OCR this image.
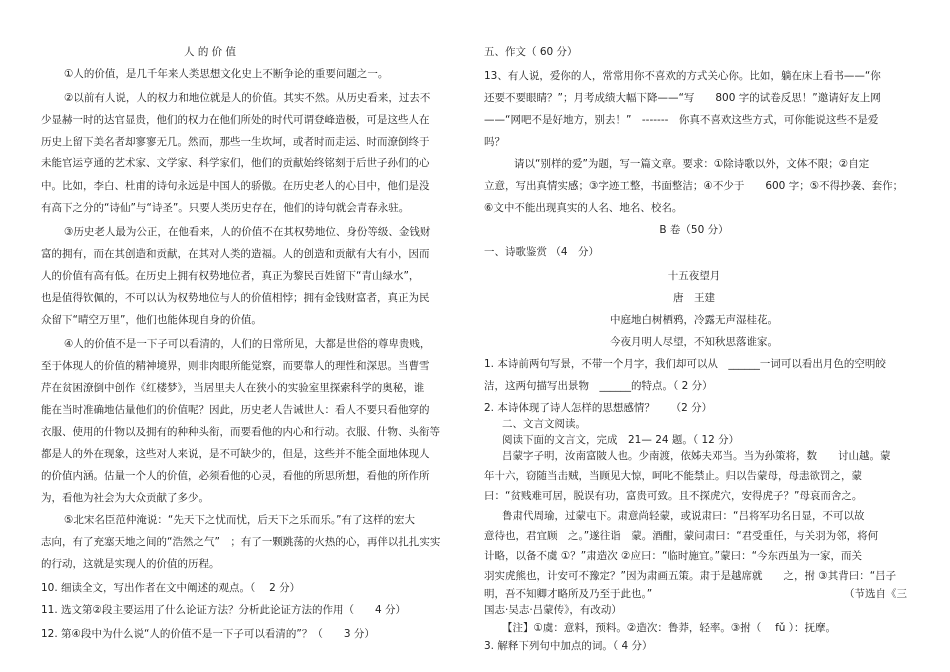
人 的 价 值
①人的价值，是几千年来人类思想文化史上不断争论的重要问题之一。
②以前有人说，人的权力和地位就是人的价值。其实不然。从历史看来，过去不
少显赫一时的达官显贵，他们的权力在他们所处的时代可谓登峰造极，可是这些人在
历史上留下美名者却寥寥无几。然而，那些一生坎坷，或者时而走运、时而潦倒终于
未能官运亨通的艺术家、文学家、科学家们，他们的贡献始终铭刻于后世子孙们的心
中。比如，李白、杜甫的诗句永远是中国人的骄傲。在历史老人的心目中，他们是没
有高下之分的“诗仙”与“诗圣”。只要人类历史存在，他们的诗句就会青春永驻。
③历史老人最为公正，在他看来，人的价值不在其权势地位、身份等级、金钱财
富的拥有，而在其创造和贡献，在其对人类的造福。人的创造和贡献有大有小，因而
人的价值有高有低。在历史上拥有权势地位者，真正为黎民百姓留下“青山绿水”，
也是值得钦佩的，不可以认为权势地位与人的价值相悖；拥有金钱财富者，真正为民
众留下“晴空万里”，他们也能体现自身的价值。
④人的价值不是一下子可以看清的，人们的日常所见，大都是世俗的尊卑贵贱，
至于体现人的价值的精神境界，则非肉眼所能觉察，而要靠人的理性和深思。当曹雪
芹在贫困潦倒中创作《红楼梦》，当居里夫人在狭小的实验室里探索科学的奥秘，谁
能在当时准确地估量他们的价值呢？因此，历史老人告诫世人：看人不要只看他穿的
衣服、使用的什物以及拥有的种种头衔，而要看他的内心和行动。衣服、什物、头衔等
都是人的外在现象，这些对人来说，是不可缺少的，但是，这些并不能全面地体现人
的价值内涵。估量一个人的价值，必须看他的心灵，看他的所思所想，看他的所作所
为，看他为社会为大众贡献了多少。
⑤北宋名臣范仲淹说：“先天下之忧而忧，后天下之乐而乐。”有了这样的宏大
志向，有了充塞天地之间的“浩然之气”　；有了一颗跳荡的火热的心，再伴以扎扎实实
的行动，这就是实现人的价值的历程。
10. 细读全文，写出作者在文中阐述的观点。（　 2 分）
11. 选文第②段主要运用了什么论证方法？分析此论证方法的作用（　　4 分）
12. 第④段中为什么说“人的价值不是一下子可以看清的”？（　　3 分）
五、作文（ 60 分）
13、有人说，爱你的人，常常用你不喜欢的方式关心你。比如，躺在床上看书——“你
还要不要眼睛？”；月考成绩大幅下降——“写　　800 字的试卷反思！”邀请好友上网
——“网吧不是好地方，别去！”　-------　你真不喜欢这些方式，可你能说这些不是爱
吗？
请以“别样的爱”为题，写一篇文章。要求：①除诗歌以外，文体不限；②自定
立意，写出真情实感；③字迹工整，书面整洁；④不少于　　600 字；⑤不得抄袭、套作；
⑥文中不能出现真实的人名、地名、校名。
B 卷（50 分）
一、诗歌鉴赏 （4　分）
十五夜望月
唐　王建
中庭地白树栖鸦，冷露无声湿桂花。
今夜月明人尽望，不知秋思落谁家。
1. 本诗前两句写景，不带一个月字，我们却可以从　______一词可以看出月色的空明皎
洁，这两句描写出景物　______的特点。（ 2 分）
2. 本诗体现了诗人怎样的思想感情？　　（2 分）
二、文言文阅读。
阅读下面的文言文，完成　21— 24 题。（ 12 分）
吕蒙字子明，汝南富陂人也。少南渡，依姊夫邓当。当为孙策将，数　　讨山越。蒙
年十六，窃随当击贼，当顾见大惊，呵叱不能禁止。归以告蒙母，母恚欲罚之，蒙
曰：“贫贱难可居，脱误有功，富贵可致。且不探虎穴，安得虎子？”母哀而舍之。
鲁肃代周瑜，过蒙屯下。肃意尚轻蒙，或说肃曰：“吕将军功名日显，不可以故
意待也，君宜顾　之。”遂往诣　蒙。酒酣，蒙问肃曰：“君受重任，与关羽为邻，将何
计略，以备不虞 ①？”肃造次 ②应曰：“临时施宜。”蒙曰：“今东西虽为一家，而关
羽实虎熊也，计安可不豫定？”因为肃画五策。肃于是越席就　　之，拊 ③其背曰：“吕子
明，吾不知卿才略所及乃至于此也。”	（节选自《三
国志·吴志·吕蒙传》，有改动）
【注】①虞：意料，预料。②造次：鲁莽，轻率。③拊（　 fǔ ）：抚摩。
3. 解释下列句中加点的词。（ 4 分）
